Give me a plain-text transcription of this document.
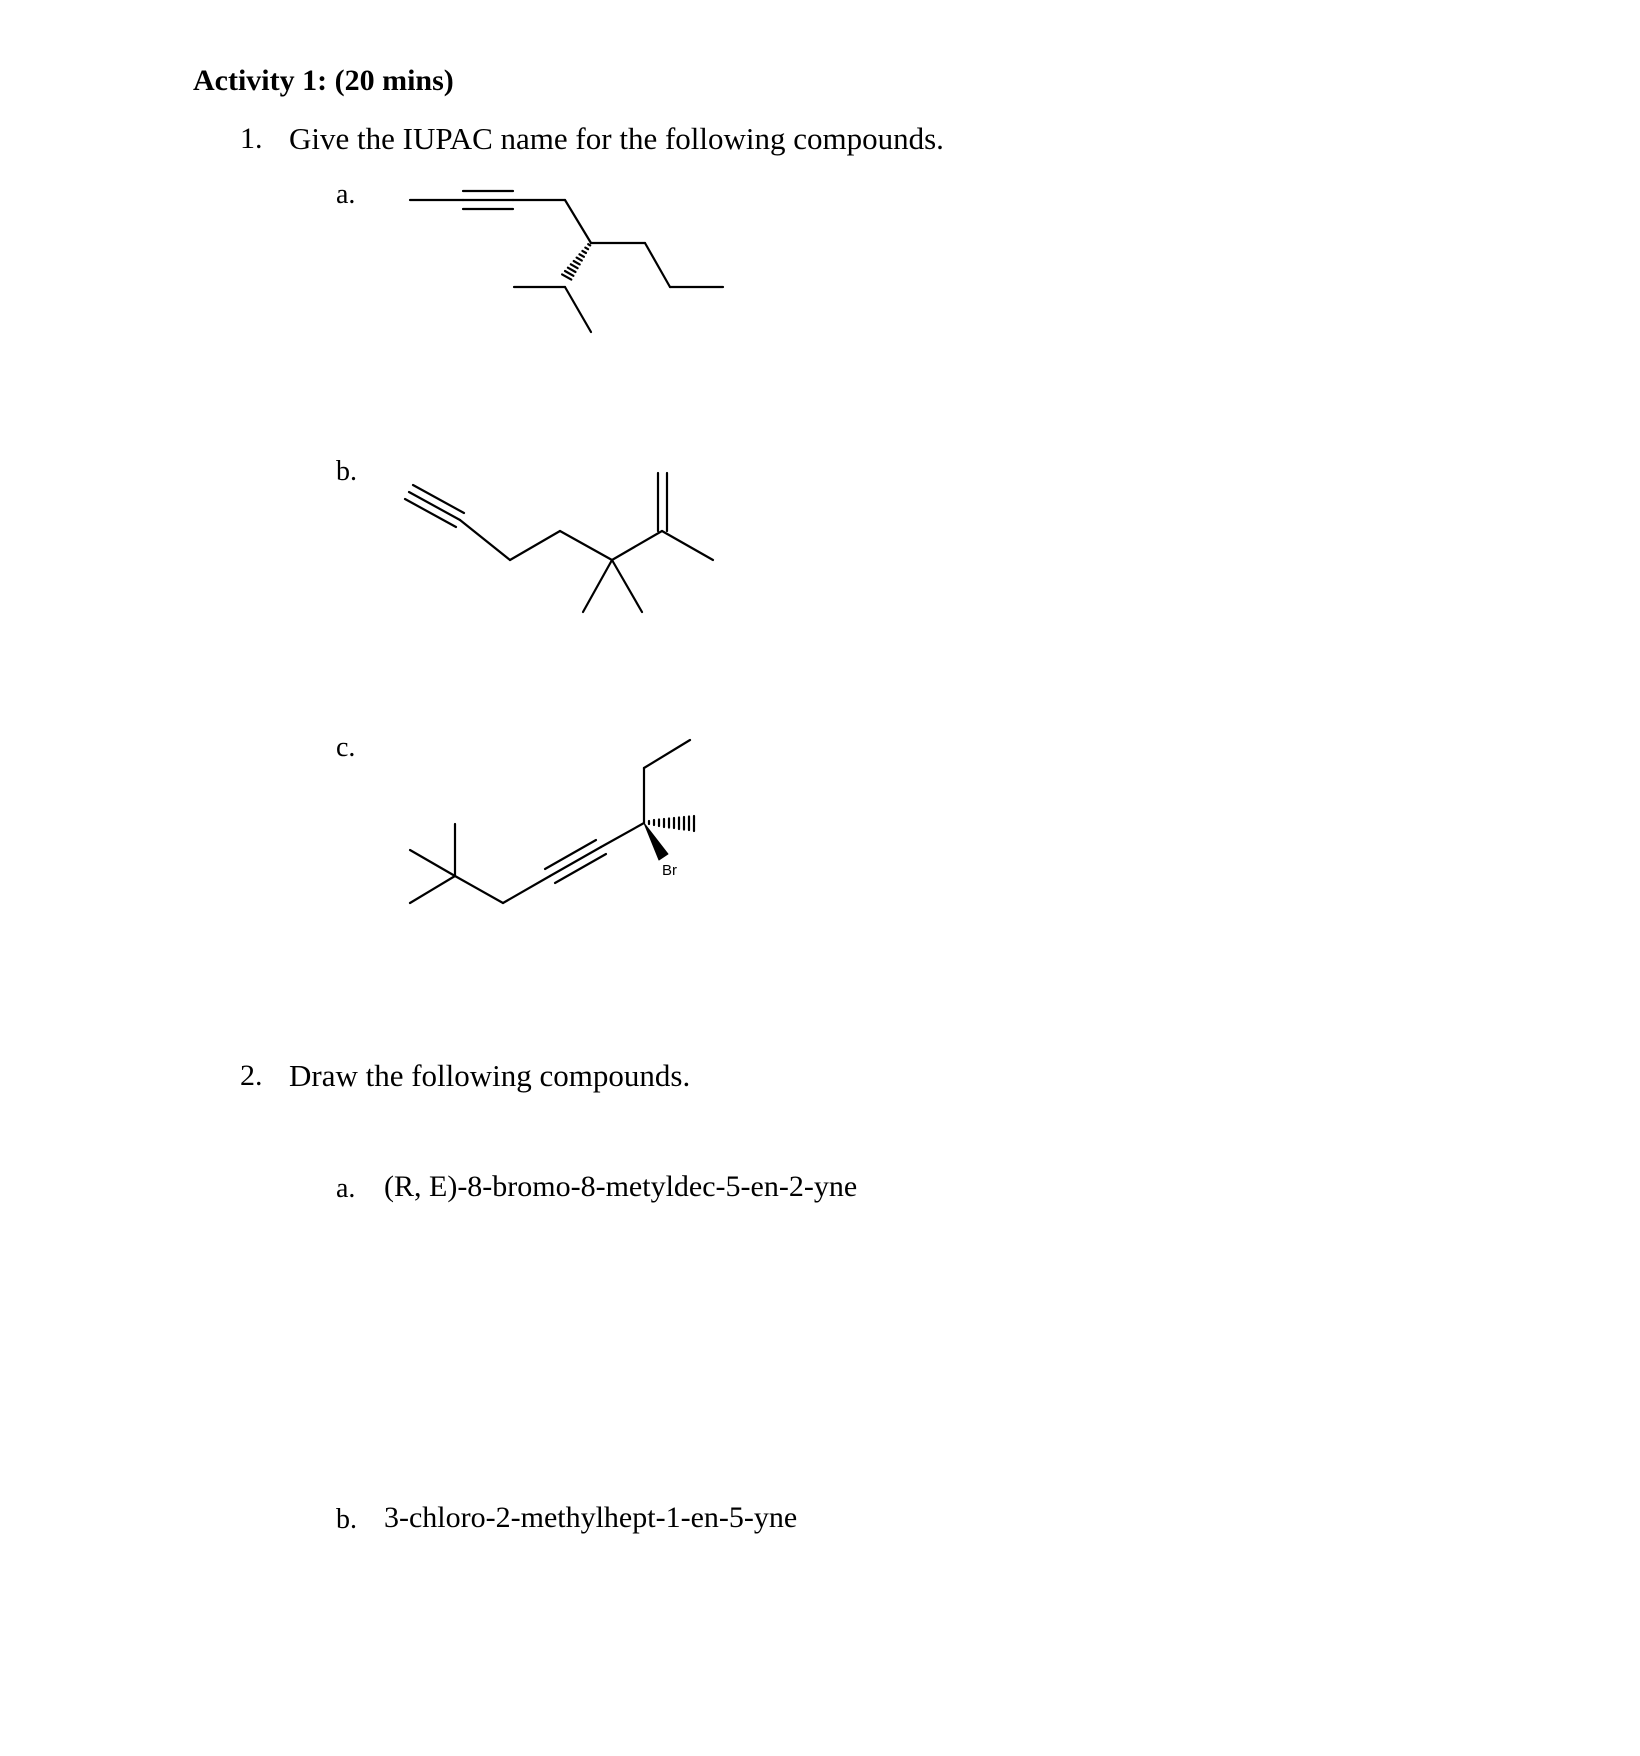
Activity 1: (20 mins)
1. Give the IUPAC name for the following compounds.
a.
b.
c.
Br
2. Draw the following compounds.
a. (R, E)-8-bromo-8-metyldec-5-en-2-yne
b. 3-chloro-2-methylhept-1-en-5-yne
